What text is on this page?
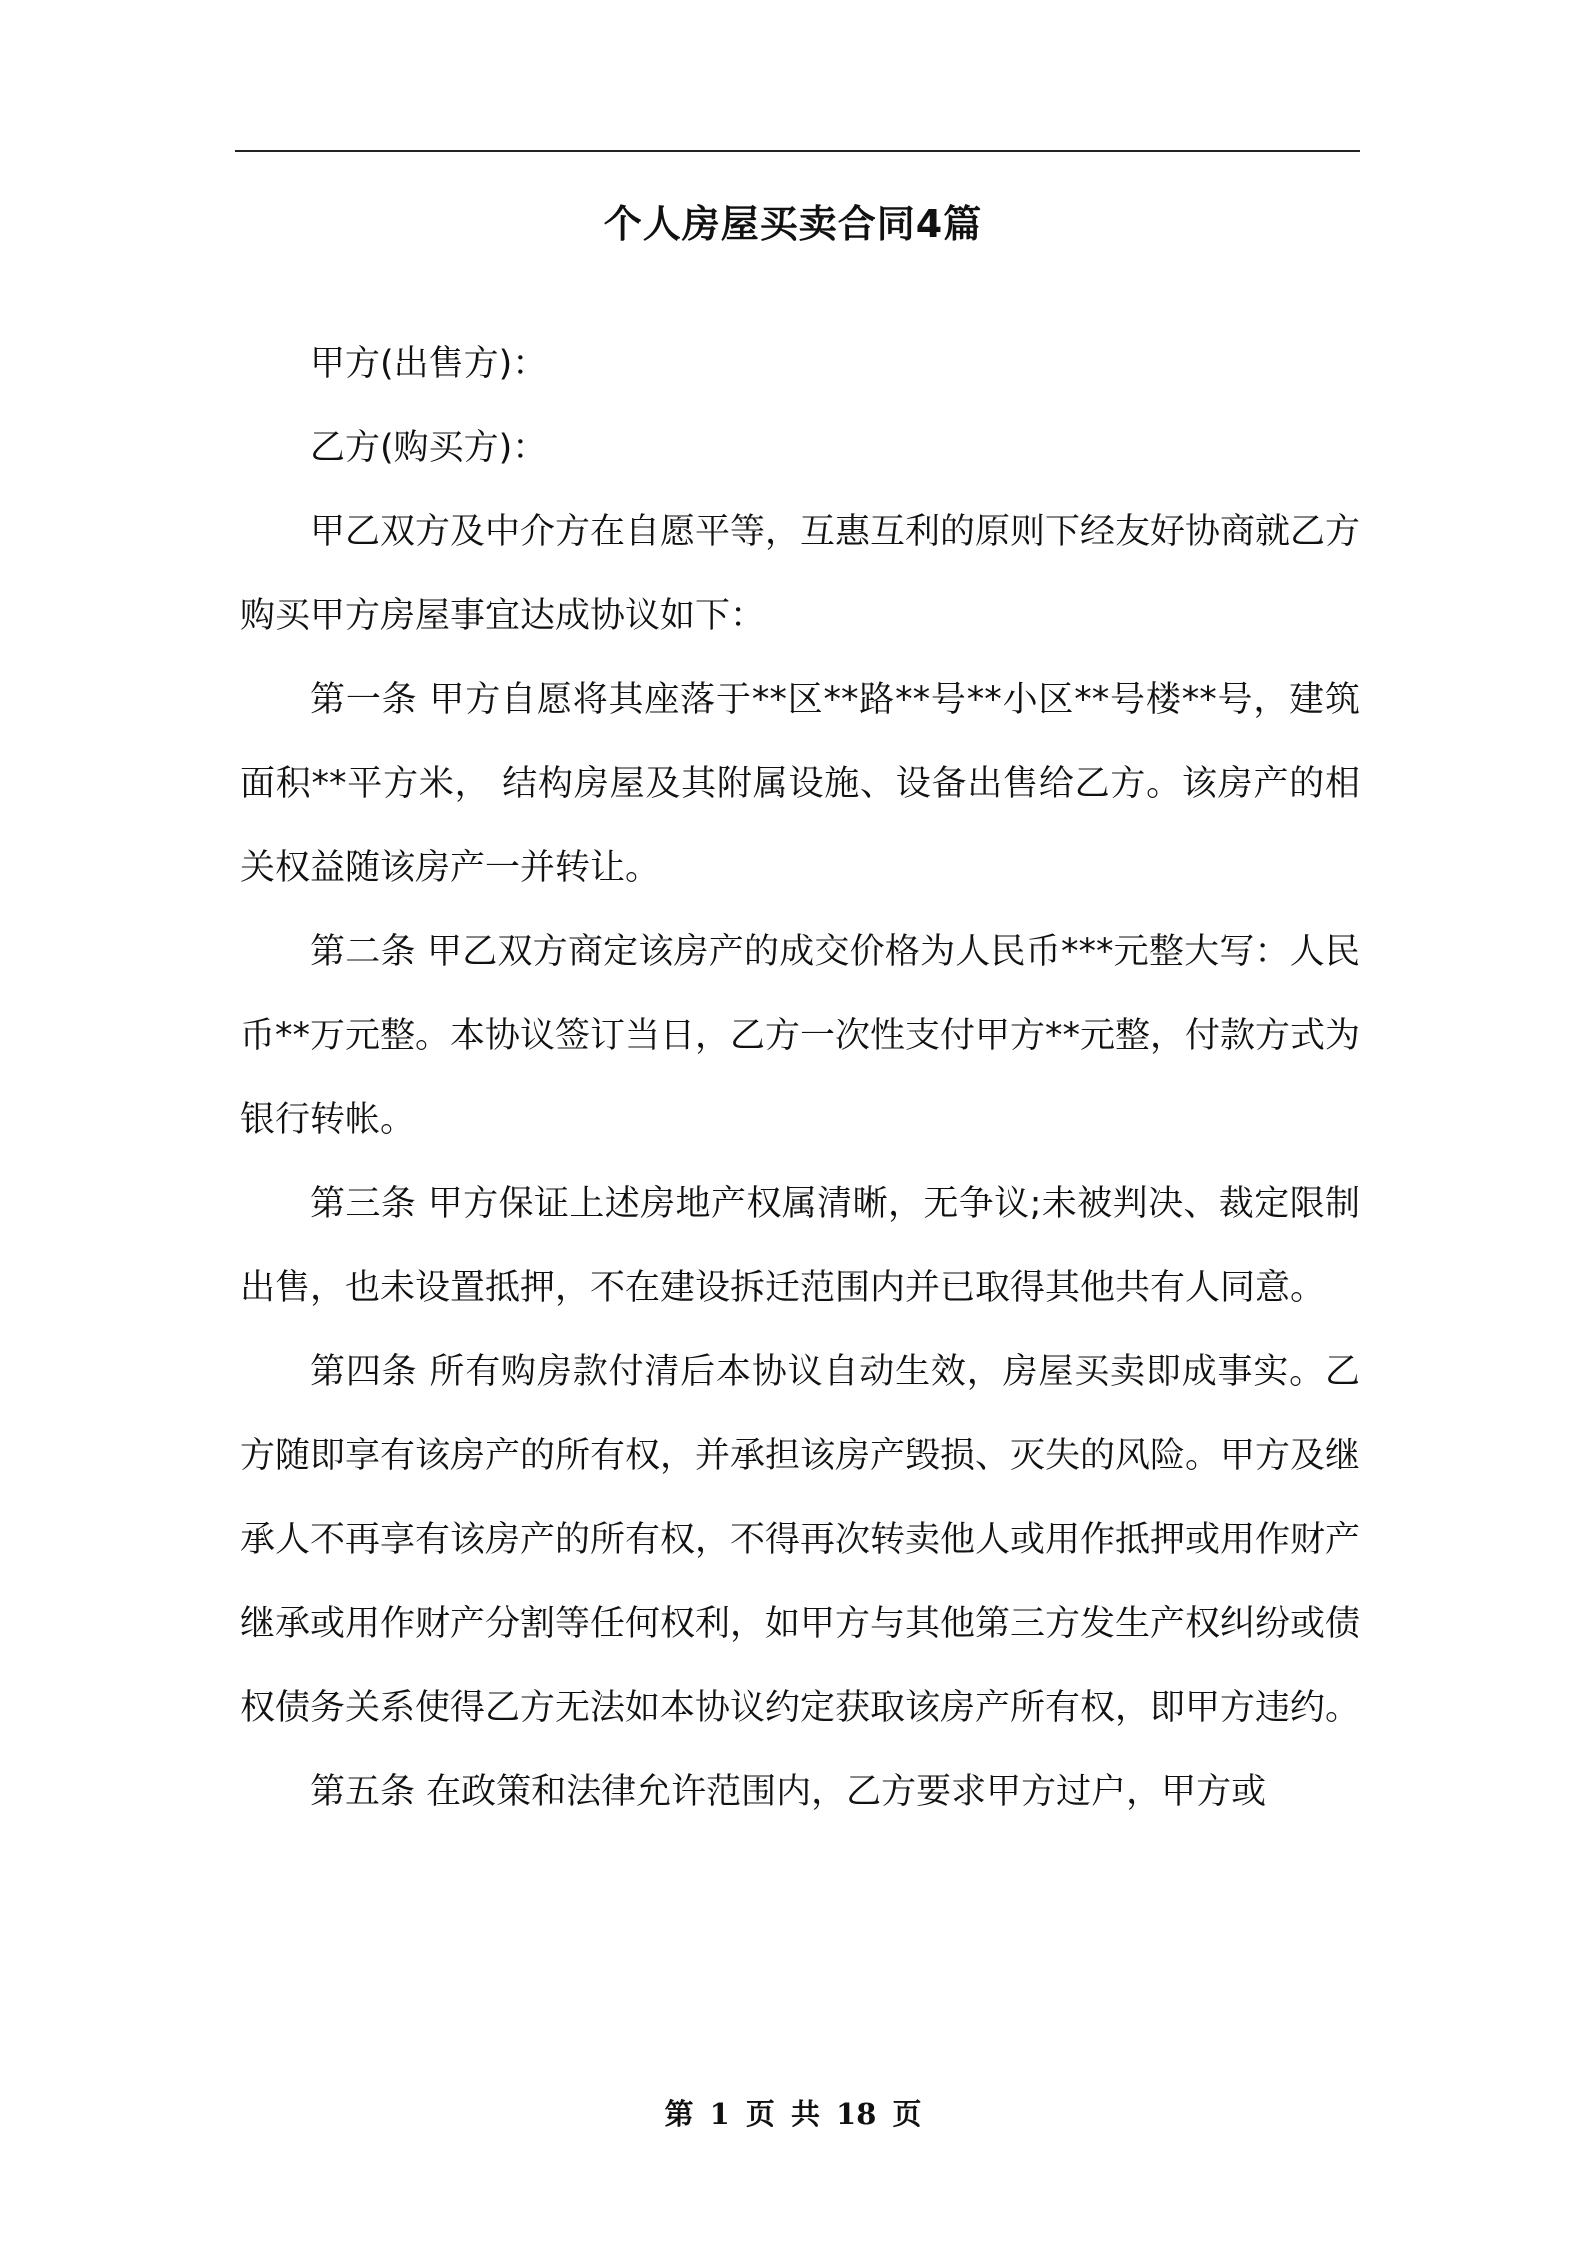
个人房屋买卖合同4篇

甲方(出售方)：

乙方(购买方)：

甲乙双方及中介方在自愿平等，互惠互利的原则下经友好协商就乙方购买甲方房屋事宜达成协议如下：

第一条 甲方自愿将其座落于**区**路**号**小区**号楼**号，建筑面积**平方米， 结构房屋及其附属设施、设备出售给乙方。该房产的相关权益随该房产一并转让。

第二条 甲乙双方商定该房产的成交价格为人民币***元整大写：人民币**万元整。本协议签订当日，乙方一次性支付甲方**元整，付款方式为银行转帐。

第三条 甲方保证上述房地产权属清晰，无争议;未被判决、裁定限制出售，也未设置抵押，不在建设拆迁范围内并已取得其他共有人同意。

第四条 所有购房款付清后本协议自动生效，房屋买卖即成事实。乙方随即享有该房产的所有权，并承担该房产毁损、灭失的风险。甲方及继承人不再享有该房产的所有权，不得再次转卖他人或用作抵押或用作财产继承或用作财产分割等任何权利，如甲方与其他第三方发生产权纠纷或债权债务关系使得乙方无法如本协议约定获取该房产所有权，即甲方违约。

第五条 在政策和法律允许范围内，乙方要求甲方过户，甲方或

第 1 页 共 18 页
